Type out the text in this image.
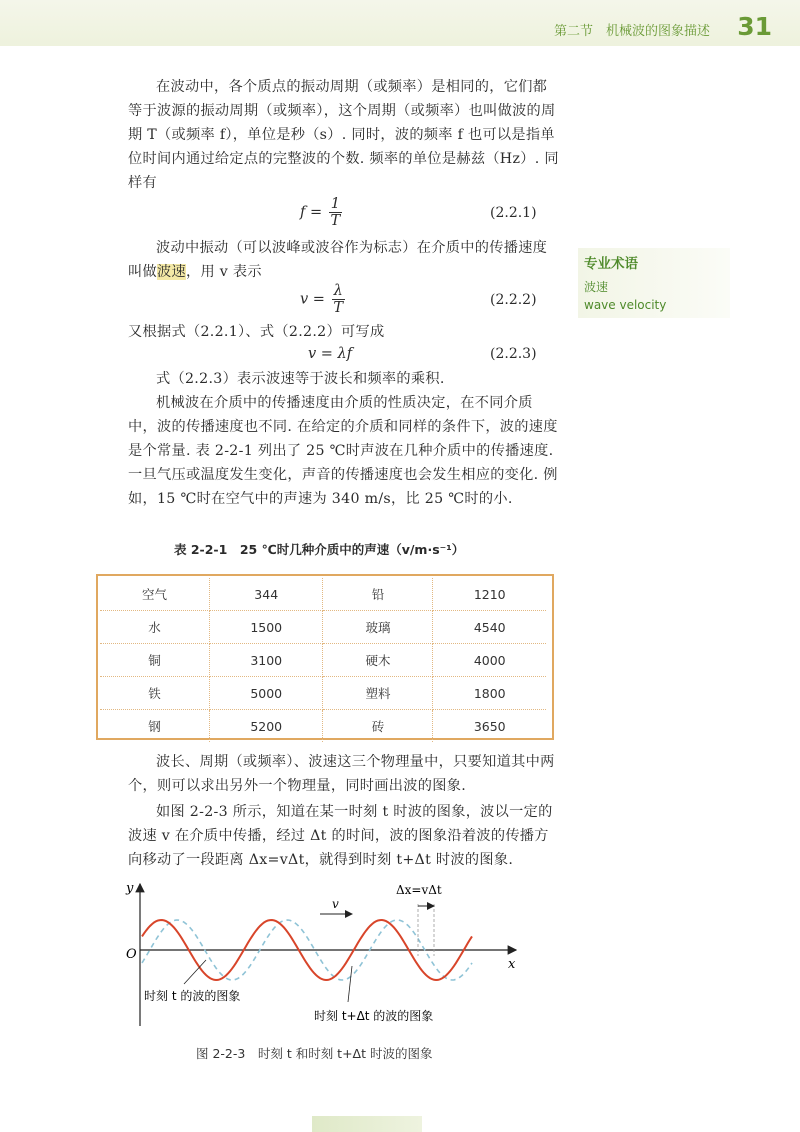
第二节　机械波的图象描述 31
在波动中，各个质点的振动周期（或频率）是相同的，它们都等于波源的振动周期（或频率），这个周期（或频率）也叫做波的周期 T（或频率 f），单位是秒（s）. 同时，波的频率 f 也可以是指单位时间内通过给定点的完整波的个数. 频率的单位是赫兹（Hz）. 同样有
$f = \frac{1}{T}$	(2.2.1)
波动中振动（可以波峰或波谷作为标志）在介质中的传播速度叫做波速，用 v 表示
$v = \frac{\lambda}{T}$	(2.2.2)
又根据式（2.2.1）、式（2.2.2）可写成
v = λf	(2.2.3)
式（2.2.3）表示波速等于波长和频率的乘积.
机械波在介质中的传播速度由介质的性质决定，在不同介质中，波的传播速度也不同. 在给定的介质和同样的条件下，波的速度是个常量. 表 2-2-1 列出了 25 ℃时声波在几种介质中的传播速度. 一旦气压或温度发生变化，声音的传播速度也会发生相应的变化. 例如，15 ℃时在空气中的声速为 340 m/s，比 25 ℃时的小.
专业术语
波速
wave velocity
表 2-2-1　25 ℃时几种介质中的声速（v/m·s⁻¹）
空气	344	铅	1210
水	1500	玻璃	4540
铜	3100	硬木	4000
铁	5000	塑料	1800
钢	5200	砖	3650
波长、周期（或频率）、波速这三个物理量中，只要知道其中两个，则可以求出另外一个物理量，同时画出波的图象.
如图 2-2-3 所示，知道在某一时刻 t 时波的图象，波以一定的波速 v 在介质中传播，经过 Δt 的时间，波的图象沿着波的传播方向移动了一段距离 Δx=vΔt，就得到时刻 t+Δt 时波的图象.
y
x
O
v
Δx=vΔt
时刻 t 的波的图象
时刻 t+Δt 的波的图象
图 2-2-3　时刻 t 和时刻 t+Δt 时波的图象
